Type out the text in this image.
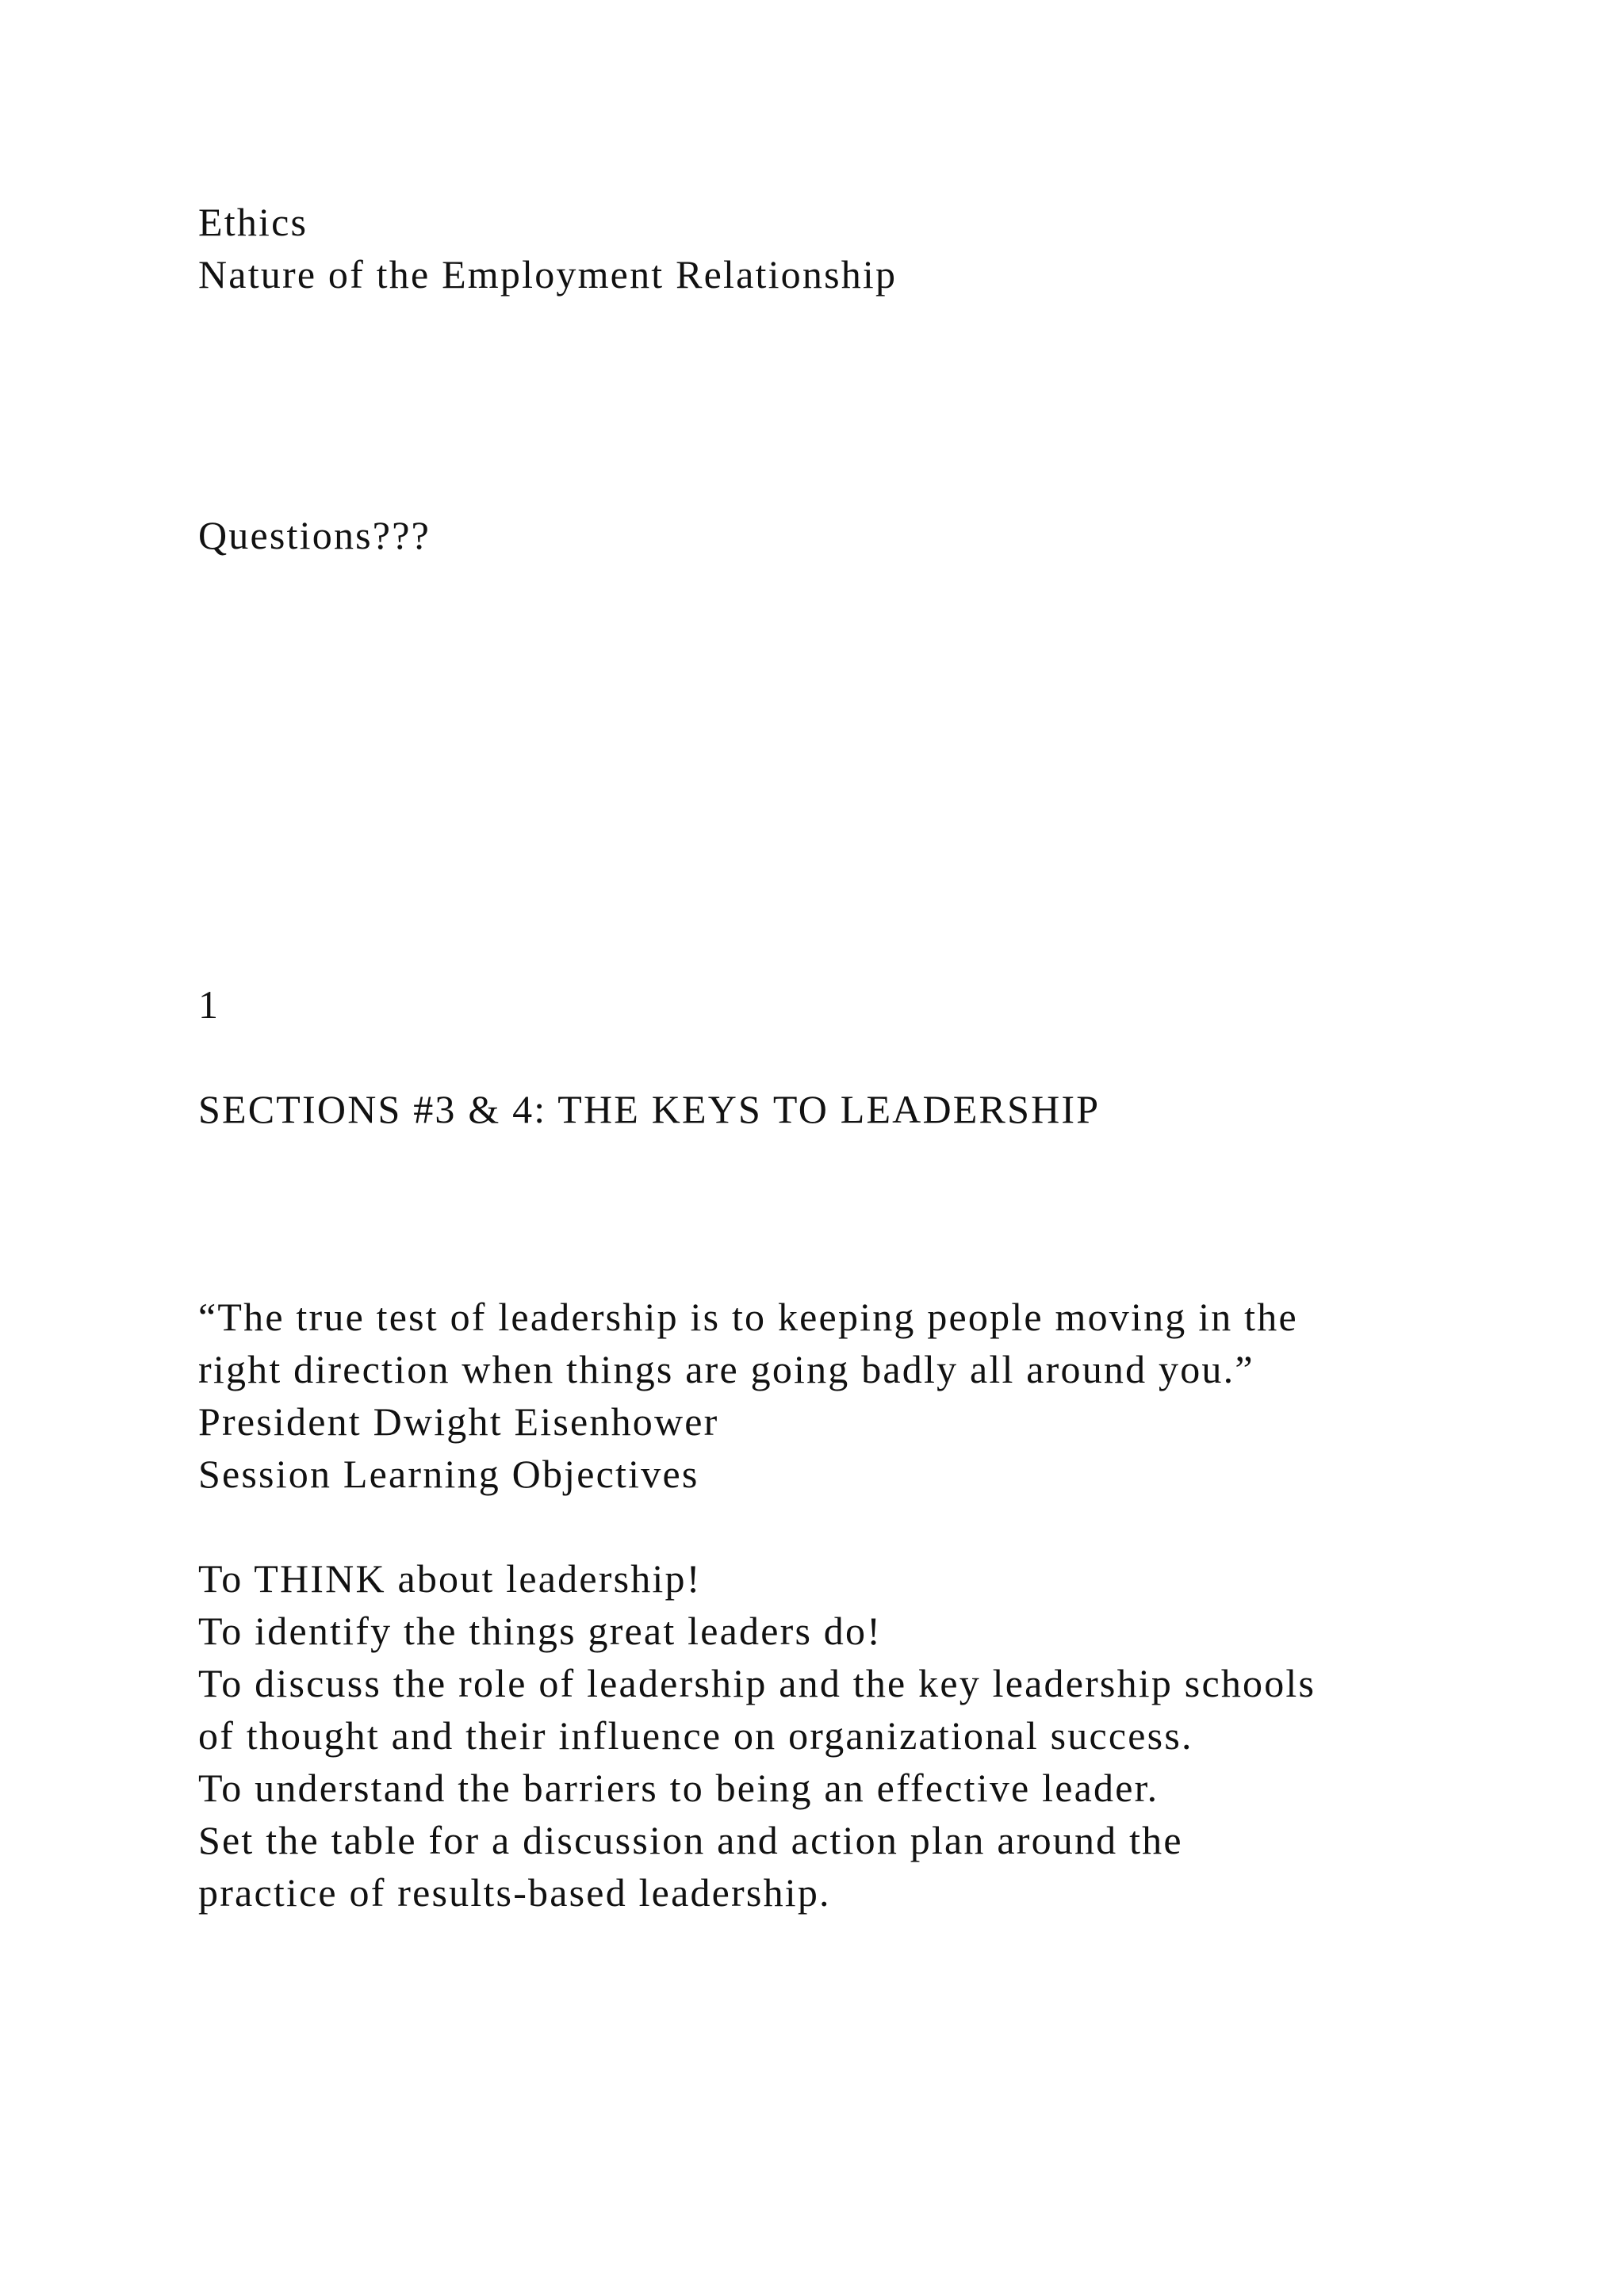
Ethics

Nature of the Employment Relationship

Questions???

1

SECTIONS #3 & 4: THE KEYS TO LEADERSHIP

“The true test of leadership is to keeping people moving in the

right direction when things are going badly all around you.”

President Dwight Eisenhower

Session Learning Objectives

To THINK about leadership!

To identify the things great leaders do!

To discuss the role of leadership and the key leadership schools

of thought and their influence on organizational success.

To understand the barriers to being an effective leader.

Set the table for a discussion and action plan around the

practice of results-based leadership.
